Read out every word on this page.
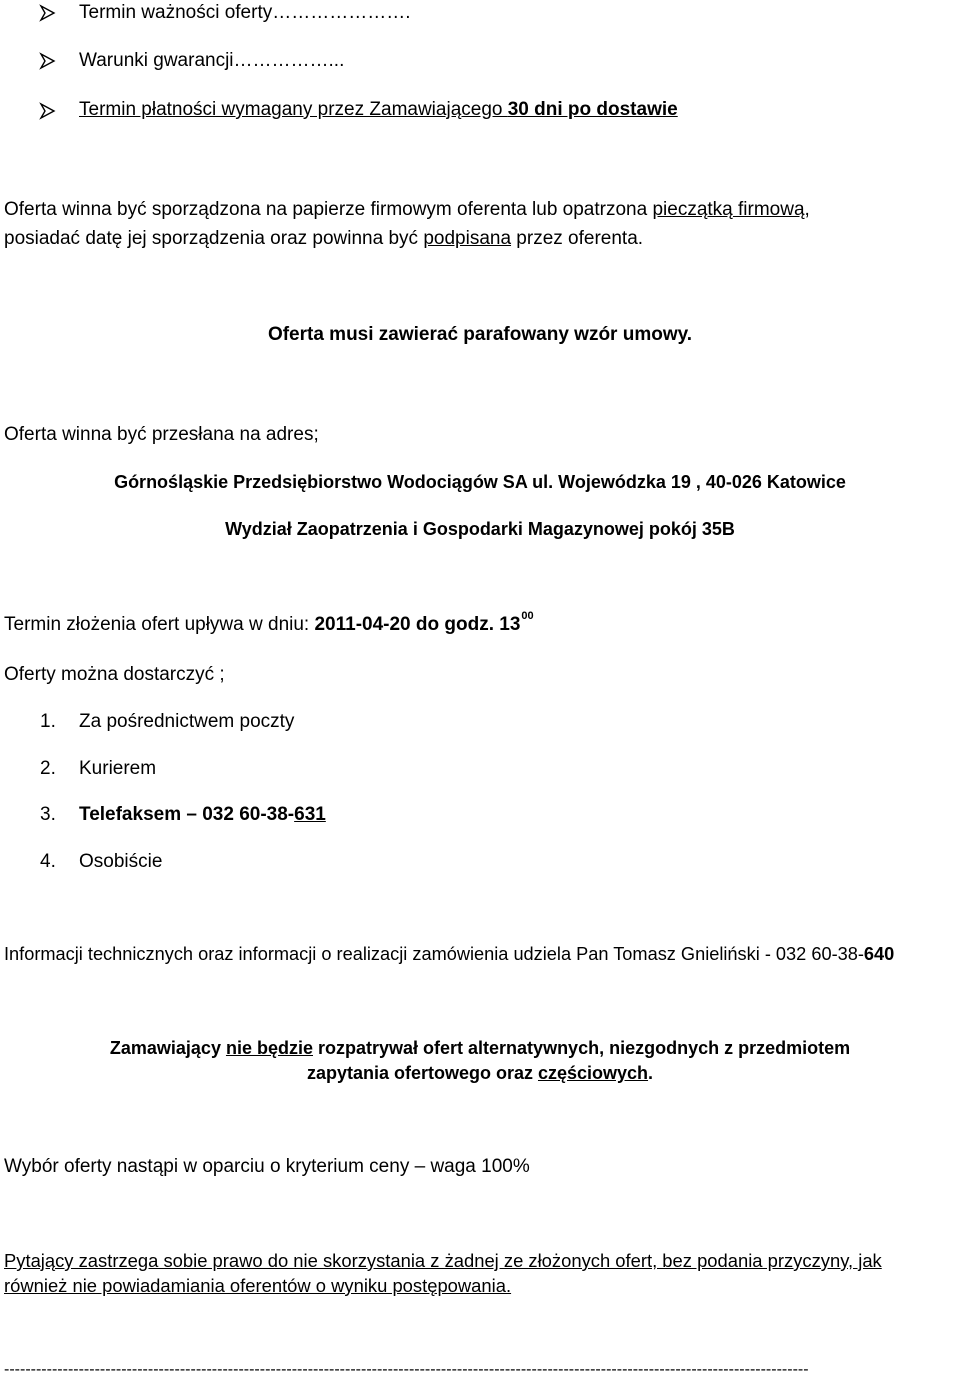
Termin ważności oferty………………….
Warunki gwarancji……………...
Termin płatności wymagany przez Zamawiającego 30 dni po dostawie
Oferta winna być sporządzona na papierze firmowym oferenta lub opatrzona pieczątką firmową,
posiadać datę jej sporządzenia oraz powinna być podpisana przez oferenta.
Oferta musi zawierać parafowany wzór umowy.
Oferta winna być przesłana na adres;
Górnośląskie Przedsiębiorstwo Wodociągów SA ul. Wojewódzka 19 , 40-026 Katowice
Wydział Zaopatrzenia i Gospodarki Magazynowej pokój 35B
Termin złożenia ofert upływa w dniu: 2011-04-20 do godz. $13^{00}$
Oferty można dostarczyć ;
1. Za pośrednictwem poczty
2. Kurierem
3. Telefaksem – 032 60-38-631
4. Osobiście
Informacji technicznych oraz informacji o realizacji zamówienia udziela Pan Tomasz Gnieliński - 032 60-38-640
Zamawiający nie będzie rozpatrywał ofert alternatywnych, niezgodnych z przedmiotem
zapytania ofertowego oraz częściowych.
Wybór oferty nastąpi w oparciu o kryterium ceny – waga 100%
Pytający zastrzega sobie prawo do nie skorzystania z żadnej ze złożonych ofert, bez podania przyczyny, jak
również nie powiadamiania oferentów o wyniku postępowania.
-------------------------------------------------------------------------------------------------------------------------------------------------------
